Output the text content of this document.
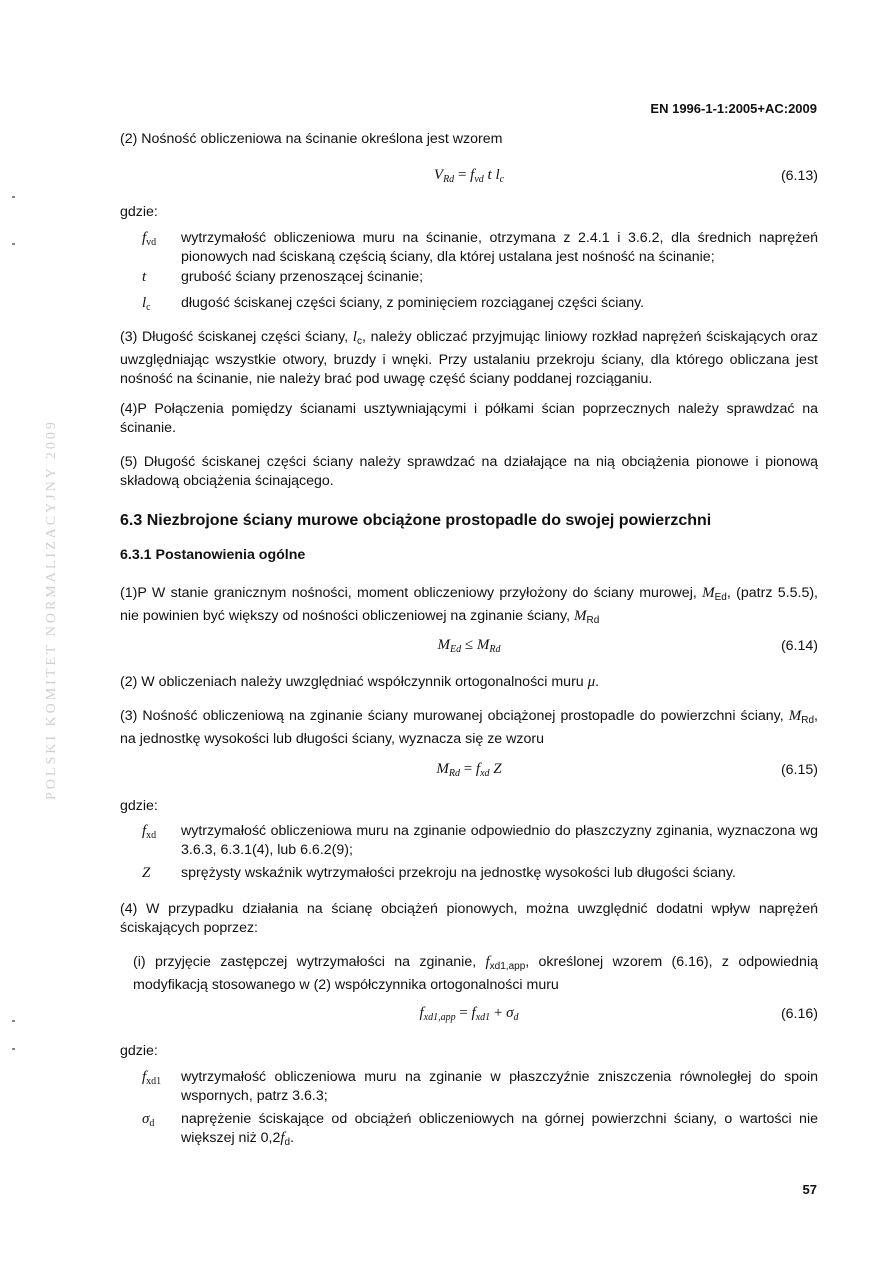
EN 1996-1-1:2005+AC:2009
POLSKI KOMITET NORMALIZACYJNY 2009
(2) Nośność obliczeniowa na ścinanie określona jest wzorem
$V_{Rd} = f_{vd}$ t $l_c$	(6.13)
gdzie:
$f_{vd}$	wytrzymałość obliczeniowa muru na ścinanie, otrzymana z 2.4.1 i 3.6.2, dla średnich naprężeń pionowych nad ściskaną częścią ściany, dla której ustalana jest nośność na ścinanie;
t	grubość ściany przenoszącej ścinanie;
$l_c$	długość ściskanej części ściany, z pominięciem rozciąganej części ściany.
(3) Długość ściskanej części ściany, $l_c$, należy obliczać przyjmując liniowy rozkład naprężeń ściskających oraz uwzględniając wszystkie otwory, bruzdy i wnęki. Przy ustalaniu przekroju ściany, dla którego obliczana jest nośność na ścinanie, nie należy brać pod uwagę część ściany poddanej rozciąganiu.
(4)P Połączenia pomiędzy ścianami usztywniającymi i półkami ścian poprzecznych należy sprawdzać na ścinanie.
(5) Długość ściskanej części ściany należy sprawdzać na działające na nią obciążenia pionowe i pionową składową obciążenia ścinającego.
6.3 Niezbrojone ściany murowe obciążone prostopadle do swojej powierzchni
6.3.1 Postanowienia ogólne
(1)P W stanie granicznym nośności, moment obliczeniowy przyłożony do ściany murowej, $M_{Ed}$, (patrz 5.5.5), nie powinien być większy od nośności obliczeniowej na zginanie ściany, $M_{Rd}$
$M_{Ed} \le M_{Rd}$	(6.14)
(2) W obliczeniach należy uwzględniać współczynnik ortogonalności muru μ.
(3) Nośność obliczeniową na zginanie ściany murowanej obciążonej prostopadle do powierzchni ściany, $M_{Rd}$, na jednostkę wysokości lub długości ściany, wyznacza się ze wzoru
$M_{Rd} = f_{xd}$ Z	(6.15)
gdzie:
$f_{xd}$	wytrzymałość obliczeniowa muru na zginanie odpowiednio do płaszczyzny zginania, wyznaczona wg 3.6.3, 6.3.1(4), lub 6.6.2(9);
Z	sprężysty wskaźnik wytrzymałości przekroju na jednostkę wysokości lub długości ściany.
(4) W przypadku działania na ścianę obciążeń pionowych, można uwzględnić dodatni wpływ naprężeń ściskających poprzez:
(i) przyjęcie zastępczej wytrzymałości na zginanie, $f_{xd1,app}$, określonej wzorem (6.16), z odpowiednią modyfikacją stosowanego w (2) współczynnika ortogonalności muru
$f_{xd1,app} = f_{xd1} + \sigma_d$	(6.16)
gdzie:
$f_{xd1}$	wytrzymałość obliczeniowa muru na zginanie w płaszczyźnie zniszczenia równoległej do spoin wspornych, patrz 3.6.3;
$\sigma_d$	naprężenie ściskające od obciążeń obliczeniowych na górnej powierzchni ściany, o wartości nie większej niż $0,2f_d$.
57
